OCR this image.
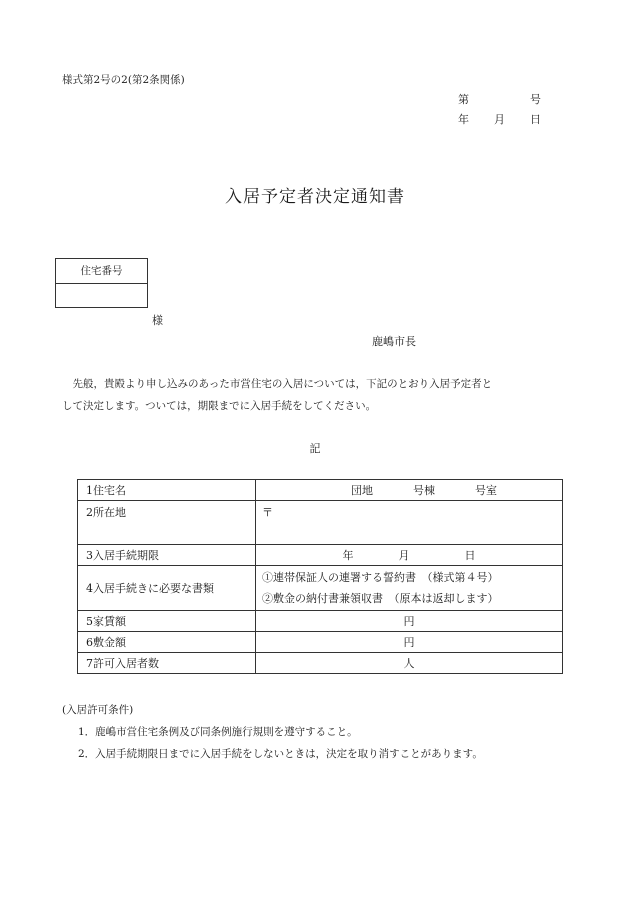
様式第2号の2(第2条関係)
第	号
年 月 日
入居予定者決定通知書
住宅番号
様
鹿嶋市長
　先般，貴殿より申し込みのあった市営住宅の入居については，下記のとおり入居予定者と
して決定します。ついては，期限までに入居手続をしてください。
記
1住宅名	団地 号棟 号室
2所在地	〒
3入居手続期限	年 月 日
4入居手続きに必要な書類	①連帯保証人の連署する誓約書　（様式第４号）
②敷金の納付書兼領収書　（原本は返却します）

5家賃額	円
6敷金額	円
7許可入居者数	人
(入居許可条件)
1．鹿嶋市営住宅条例及び同条例施行規則を遵守すること。
2．入居手続期限日までに入居手続をしないときは，決定を取り消すことがあります。
